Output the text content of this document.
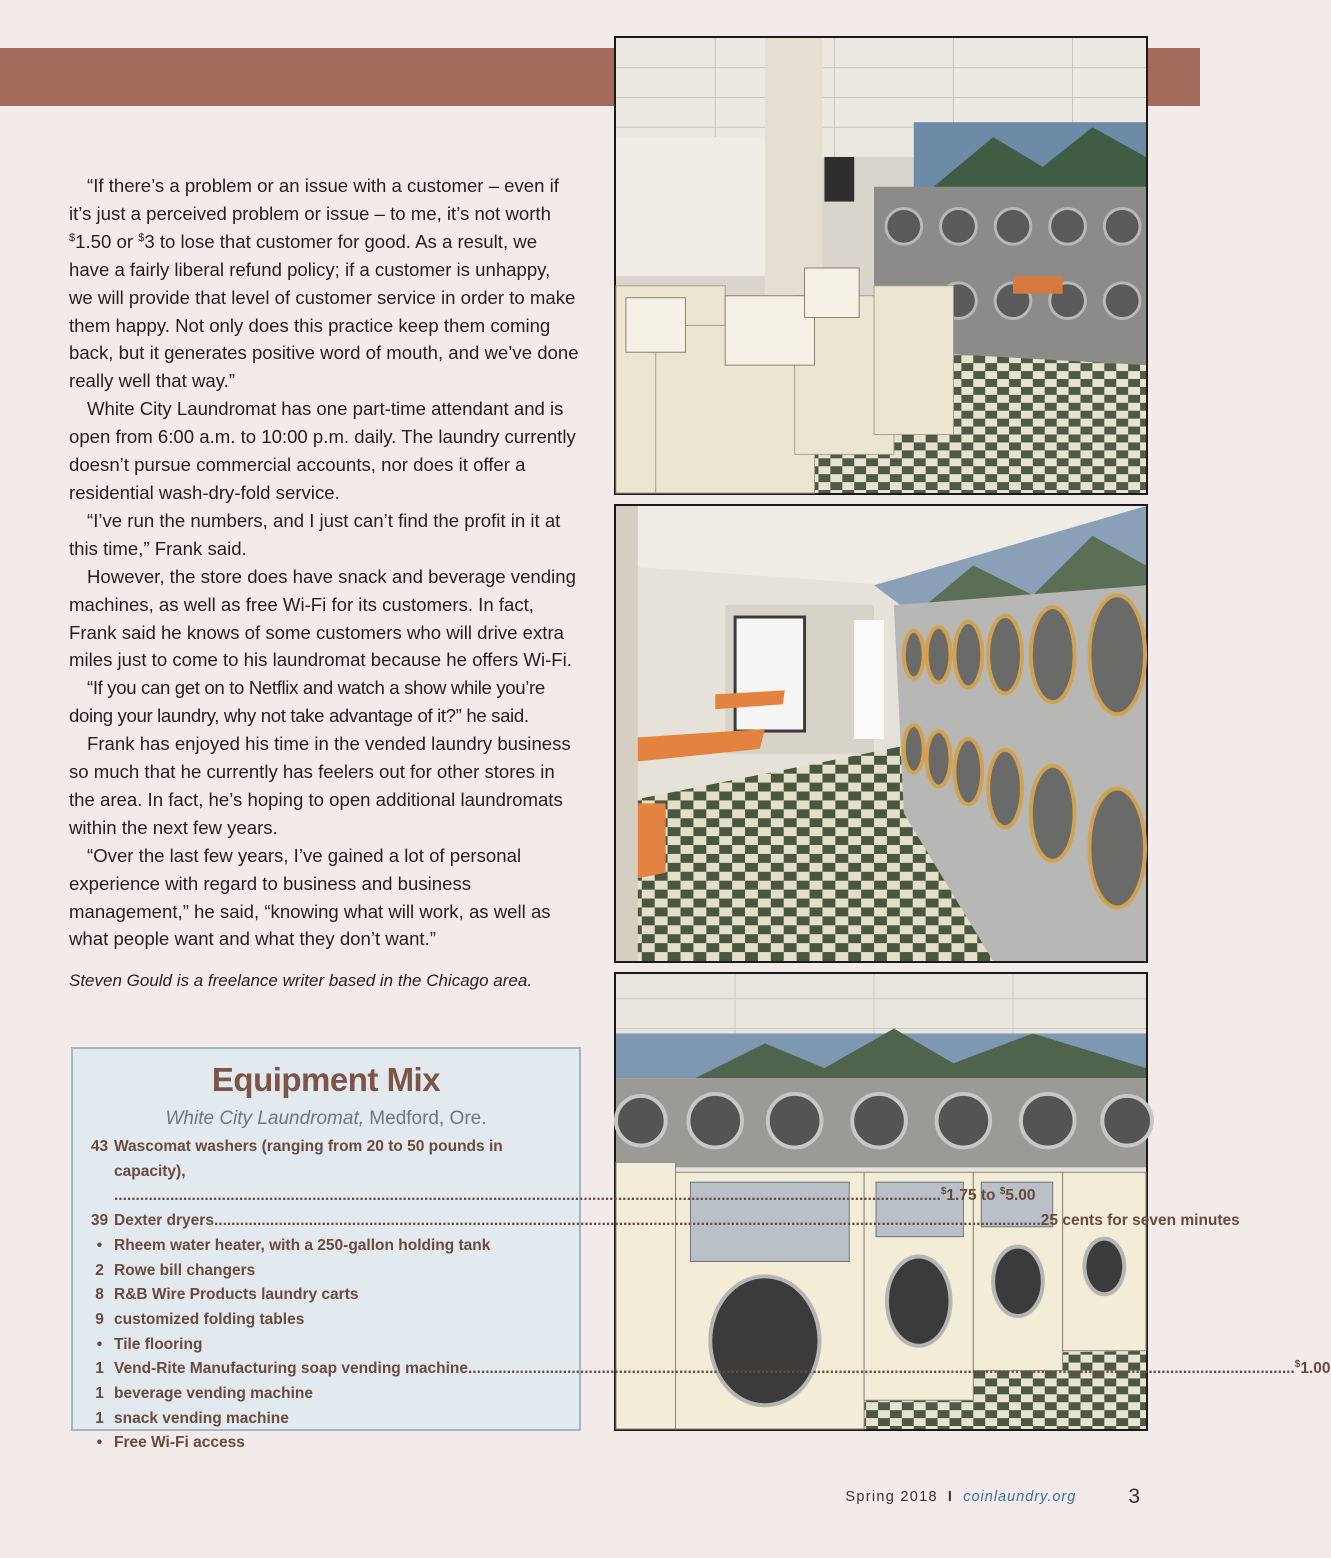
“If there’s a problem or an issue with a customer – even if it’s just a perceived problem or issue – to me, it’s not worth $1.50 or $3 to lose that customer for good. As a result, we have a fairly liberal refund policy; if a customer is unhappy, we will provide that level of customer service in order to make them happy. Not only does this practice keep them coming back, but it generates positive word of mouth, and we’ve done really well that way.”

White City Laundromat has one part-time attendant and is open from 6:00 a.m. to 10:00 p.m. daily. The laundry currently doesn’t pursue commercial accounts, nor does it offer a residential wash-dry-fold service.

“I’ve run the numbers, and I just can’t find the profit in it at this time,” Frank said.

However, the store does have snack and beverage vending machines, as well as free Wi-Fi for its customers. In fact, Frank said he knows of some customers who will drive extra miles just to come to his laundromat because he offers Wi-Fi.

“If you can get on to Netflix and watch a show while you’re doing your laundry, why not take advantage of it?” he said.

Frank has enjoyed his time in the vended laundry business so much that he currently has feelers out for other stores in the area. In fact, he’s hoping to open additional laundromats within the next few years.

“Over the last few years, I’ve gained a lot of personal experience with regard to business and business management,” he said, “knowing what will work, as well as what people want and what they don’t want.”

Steven Gould is a freelance writer based in the Chicago area.

Equipment Mix
White City Laundromat, Medford, Ore.
43 Wascomat washers (ranging from 20 to 50 pounds in capacity),
.....
$1.75 to $5.00
39 Dexter dryers .....	25 cents for seven minutes
• Rheem water heater, with a 250-gallon holding tank
2 Rowe bill changers
8 R&B Wire Products laundry carts
9 customized folding tables
• Tile flooring
1 Vend-Rite Manufacturing soap vending machine .....	$1.00
1 beverage vending machine
1 snack vending machine
• Free Wi-Fi access
Spring 2018 I coinlaundry.org 3
